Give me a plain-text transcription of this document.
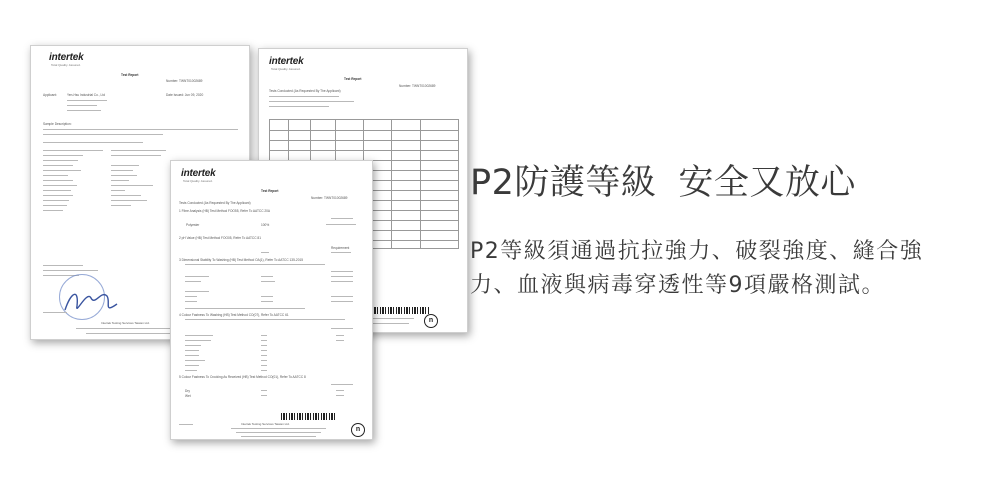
intertek
Total Quality. Assured.
Test Report
Number: TWNT01002689
Applicant:	Yen-Hsu Industrial Co., Ltd	Date Issued: Jun 09, 2020
Sample Description:
Intertek Testing Services Taiwan Ltd.
intertek
Total Quality. Assured.
Test Report
Number: TWNT01002689
Tests Conducted (As Requested By The Applicant)
n
intertek
Total Quality. Assured.
Test Report
Number: TWNT01002689
Tests Conducted (As Requested By The Applicant)
1 Fibre Analysis (HB) Test Method FOO55, Refer To AATCC 20A
Polyester	100%
2 pH Value (HB) Test Method FOO05, Refer To AATCC 81
Requirement
3 Dimensional Stability To Washing (HB) Test Method OA(1), Refer To AATCC 135-2015
4 Colour Fastness To Washing (HB) Test Method CO(07), Refer To AATCC 61
5 Colour Fastness To Crocking As Received (HB) Test Method CO(01), Refer To AATCC 8
Dry
Wet
n
Intertek Testing Services Taiwan Ltd.
P2防護等級 安全又放心
P2等級須通過抗拉強力、破裂強度、縫合強力、血液與病毒穿透性等9項嚴格測試。
